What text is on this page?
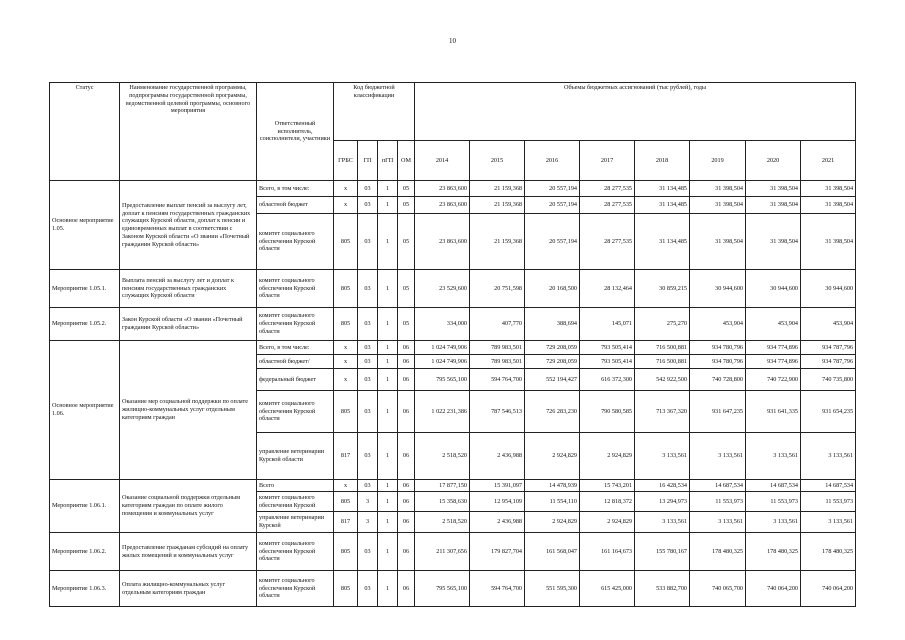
10
Статус	Наименование государственной программы, подпрограммы государственной программы, ведомственной целевой программы, основного мероприятия	Ответственный исполнитель, соисполнители, участники	Код бюджетной классификации				Объемы бюджетных ассигнований (тыс рублей), годы							
			ГРБС	ГП	пГП	ОМ	2014	2015	2016	2017	2018	2019	2020	2021
Основное мероприятие 1.05.	Предоставление выплат пенсий за выслугу лет, доплат к пенсиям государственных гражданских служащих Курской области, доплат к пенсии и единовременных выплат в соответствии с Законом Курской области «О звании «Почетный гражданин Курской области»	Всего, в том числе:	х	03	1	05	23 863,600	21 159,368	20 557,194	28 277,535	31 134,485	31 398,504	31 398,504	31 398,504
		областной бюджет	х	03	1	05	23 863,600	21 159,368	20 557,194	28 277,535	31 134,485	31 398,504	31 398,504	31 398,504
		комитет социального обеспечения Курской области	805	03	1	05	23 863,600	21 159,368	20 557,194	28 277,535	31 134,485	31 398,504	31 398,504	31 398,504
Мероприятие 1.05.1.	Выплата пенсий за выслугу лет и доплат к пенсиям государственных гражданских служащих Курской области	комитет социального обеспечения Курской области	805	03	1	05	23 529,600	20 751,598	20 168,500	28 132,464	30 859,215	30 944,600	30 944,600	30 944,600
Мероприятие 1.05.2.	Закон Курской области «О звании «Почетный гражданин Курской области»	комитет социального обеспечения Курской области	805	03	1	05	334,000	407,770	388,694	145,071	275,270	453,904	453,904	453,904
Основное мероприятие 1.06.	Оказание мер социальной поддержки по оплате жилищно-коммунальных услуг отдельным категориям граждан	Всего, в том числе:	х	03	1	06	1 024 749,906	789 983,501	729 208,059	793 505,414	716 500,881	934 780,796	934 774,896	934 787,796
		областной бюджет/	х	03	1	06	1 024 749,906	789 983,501	729 208,059	793 505,414	716 500,881	934 780,796	934 774,896	934 787,796
		федеральный бюджет	х	03	1	06	795 565,100	594 764,700	552 194,427	616 372,300	542 922,500	740 728,800	740 722,900	740 735,800
		комитет социального обеспечения Курской области	805	03	1	06	1 022 231,386	787 546,513	726 283,230	790 580,585	713 367,320	931 647,235	931 641,335	931 654,235
		управление ветеринарии Курской области	817	03	1	06	2 518,520	2 436,988	2 924,829	2 924,829	3 133,561	3 133,561	3 133,561	3 133,561
Мероприятие 1.06.1.	Оказание социальной поддержки отдельным категориям граждан по оплате жилого помещения и коммунальных услуг	Всего	х	03	1	06	17 877,150	15 391,097	14 478,939	15 743,201	16 428,534	14 687,534	14 687,534	14 687,534
		комитет социального обеспечения Курской	805	3	1	06	15 358,630	12 954,109	11 554,110	12 818,372	13 294,973	11 553,973	11 553,973	11 553,973
		управление ветеринарии Курской	817	3	1	06	2 518,520	2 436,988	2 924,829	2 924,829	3 133,561	3 133,561	3 133,561	3 133,561
Мероприятие 1.06.2.	Предоставление гражданам субсидий на оплату жилых помещений и коммунальных услуг	комитет социального обеспечения Курской области	805	03	1	06	211 307,656	179 827,704	161 568,047	161 164,673	155 780,167	178 480,325	178 480,325	178 480,325
Мероприятие 1.06.3.	Оплата жилищно-коммунальных услуг отдельным категориям граждан	комитет социального обеспечения Курской области	805	03	1	06	795 565,100	594 764,700	551 595,300	615 425,000	533 882,700	740 065,700	740 064,200	740 064,200
